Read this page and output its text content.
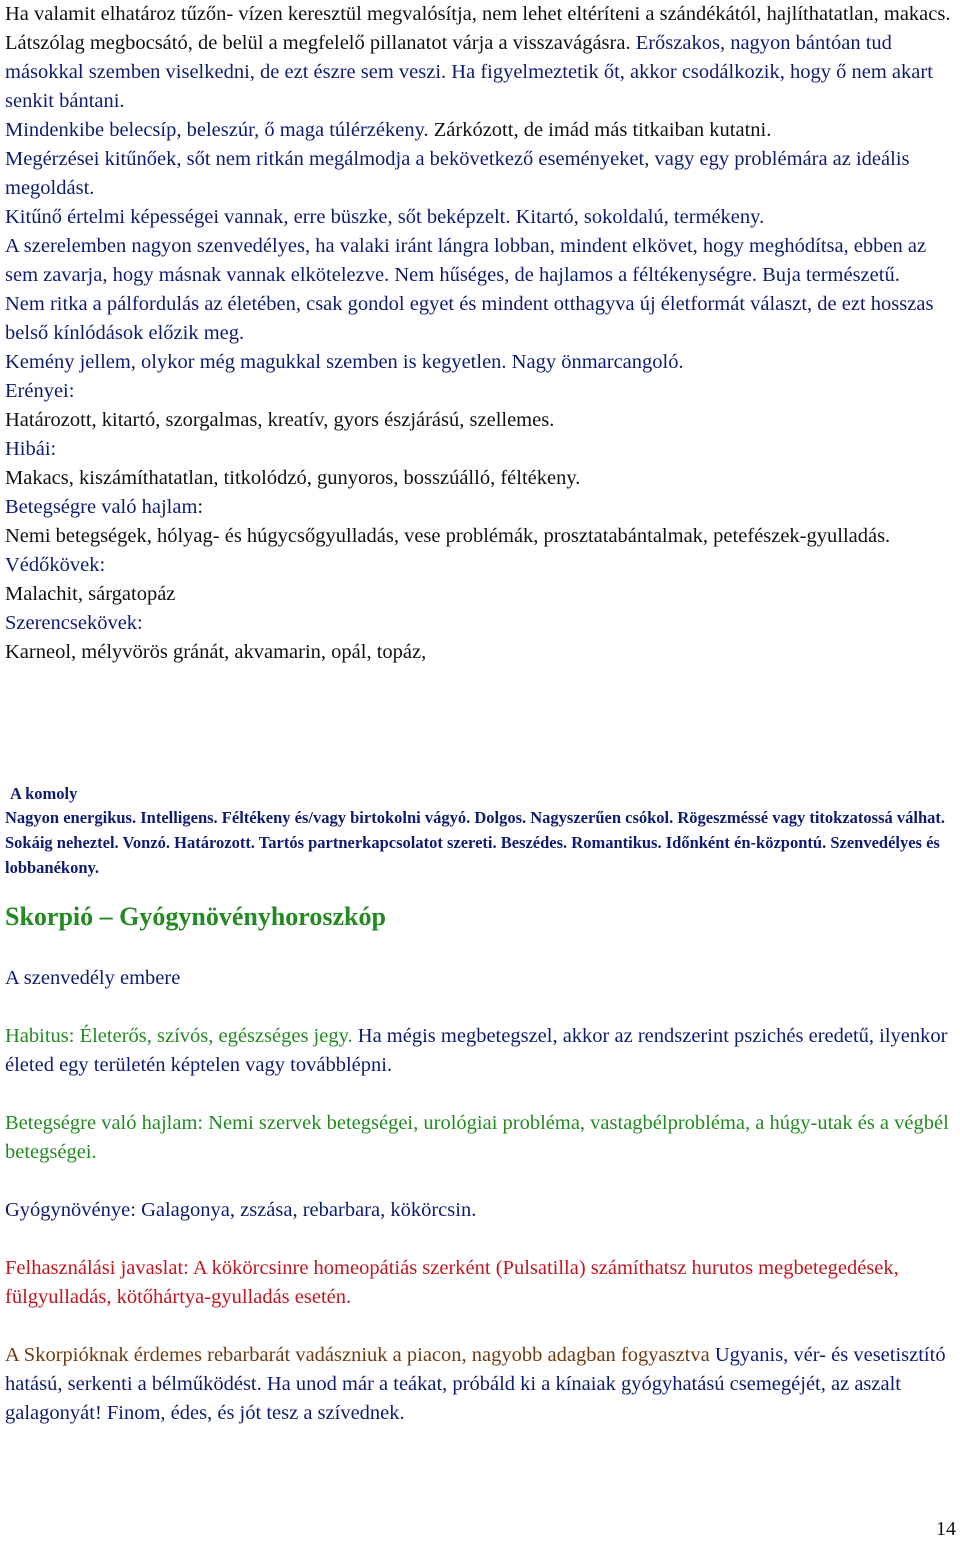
Ha valamit elhatároz tűzőn- vízen keresztül megvalósítja, nem lehet eltéríteni a szándékától, hajlíthatatlan, makacs.

Látszólag megbocsátó, de belül a megfelelő pillanatot várja a visszavágásra. Erőszakos, nagyon bántóan tud másokkal szemben viselkedni, de ezt észre sem veszi. Ha figyelmeztetik őt, akkor csodálkozik, hogy ő nem akart senkit bántani.

Mindenkibe belecsíp, beleszúr, ő maga túlérzékeny. Zárkózott, de imád más titkaiban kutatni.

Megérzései kitűnőek, sőt nem ritkán megálmodja a bekövetkező eseményeket, vagy egy problémára az ideális megoldást.

Kitűnő értelmi képességei vannak, erre büszke, sőt beképzelt. Kitartó, sokoldalú, termékeny.

A szerelemben nagyon szenvedélyes, ha valaki iránt lángra lobban, mindent elkövet, hogy meghódítsa, ebben az sem zavarja, hogy másnak vannak elkötelezve. Nem hűséges, de hajlamos a féltékenységre. Buja természetű.

Nem ritka a pálfordulás az életében, csak gondol egyet és mindent otthagyva új életformát választ, de ezt hosszas belső kínlódások előzik meg.

Kemény jellem, olykor még magukkal szemben is kegyetlen. Nagy önmarcangoló.

Erényei:

Határozott, kitartó, szorgalmas, kreatív, gyors észjárású, szellemes.

Hibái:

Makacs, kiszámíthatatlan, titkolódzó, gunyoros, bosszúálló, féltékeny.

Betegségre való hajlam:

Nemi betegségek, hólyag- és húgycsőgyulladás, vese problémák, prosztatabántalmak, petefészek-gyulladás.

Védőkövek:

Malachit, sárgatopáz

Szerencsekövek:

Karneol, mélyvörös gránát, akvamarin, opál, topáz,

A komoly

Nagyon energikus. Intelligens. Féltékeny és/vagy birtokolni vágyó. Dolgos. Nagyszerűen csókol. Rögeszméssé vagy titokzatossá válhat. Sokáig neheztel. Vonzó. Határozott. Tartós partnerkapcsolatot szereti. Beszédes. Romantikus. Időnként én-központú. Szenvedélyes és lobbanékony.

Skorpió – Gyógynövényhoroszkóp

A szenvedély embere

Habitus: Életerős, szívós, egészséges jegy. Ha mégis megbetegszel, akkor az rendszerint pszichés eredetű, ilyenkor életed egy területén képtelen vagy továbblépni.

Betegségre való hajlam: Nemi szervek betegségei, urológiai probléma, vastagbélprobléma, a húgy-utak és a végbél betegségei.

Gyógynövénye: Galagonya, zszása, rebarbara, kökörcsin.

Felhasználási javaslat: A kökörcsinre homeopátiás szerként (Pulsatilla) számíthatsz hurutos megbetegedések, fülgyulladás, kötőhártya-gyulladás esetén.

A Skorpióknak érdemes rebarbarát vadászniuk a piacon, nagyobb adagban fogyasztva Ugyanis, vér- és vesetisztító hatású, serkenti a bélműködést. Ha unod már a teákat, próbáld ki a kínaiak gyógyhatású csemegéjét, az aszalt galagonyát! Finom, édes, és jót tesz a szívednek.

14
